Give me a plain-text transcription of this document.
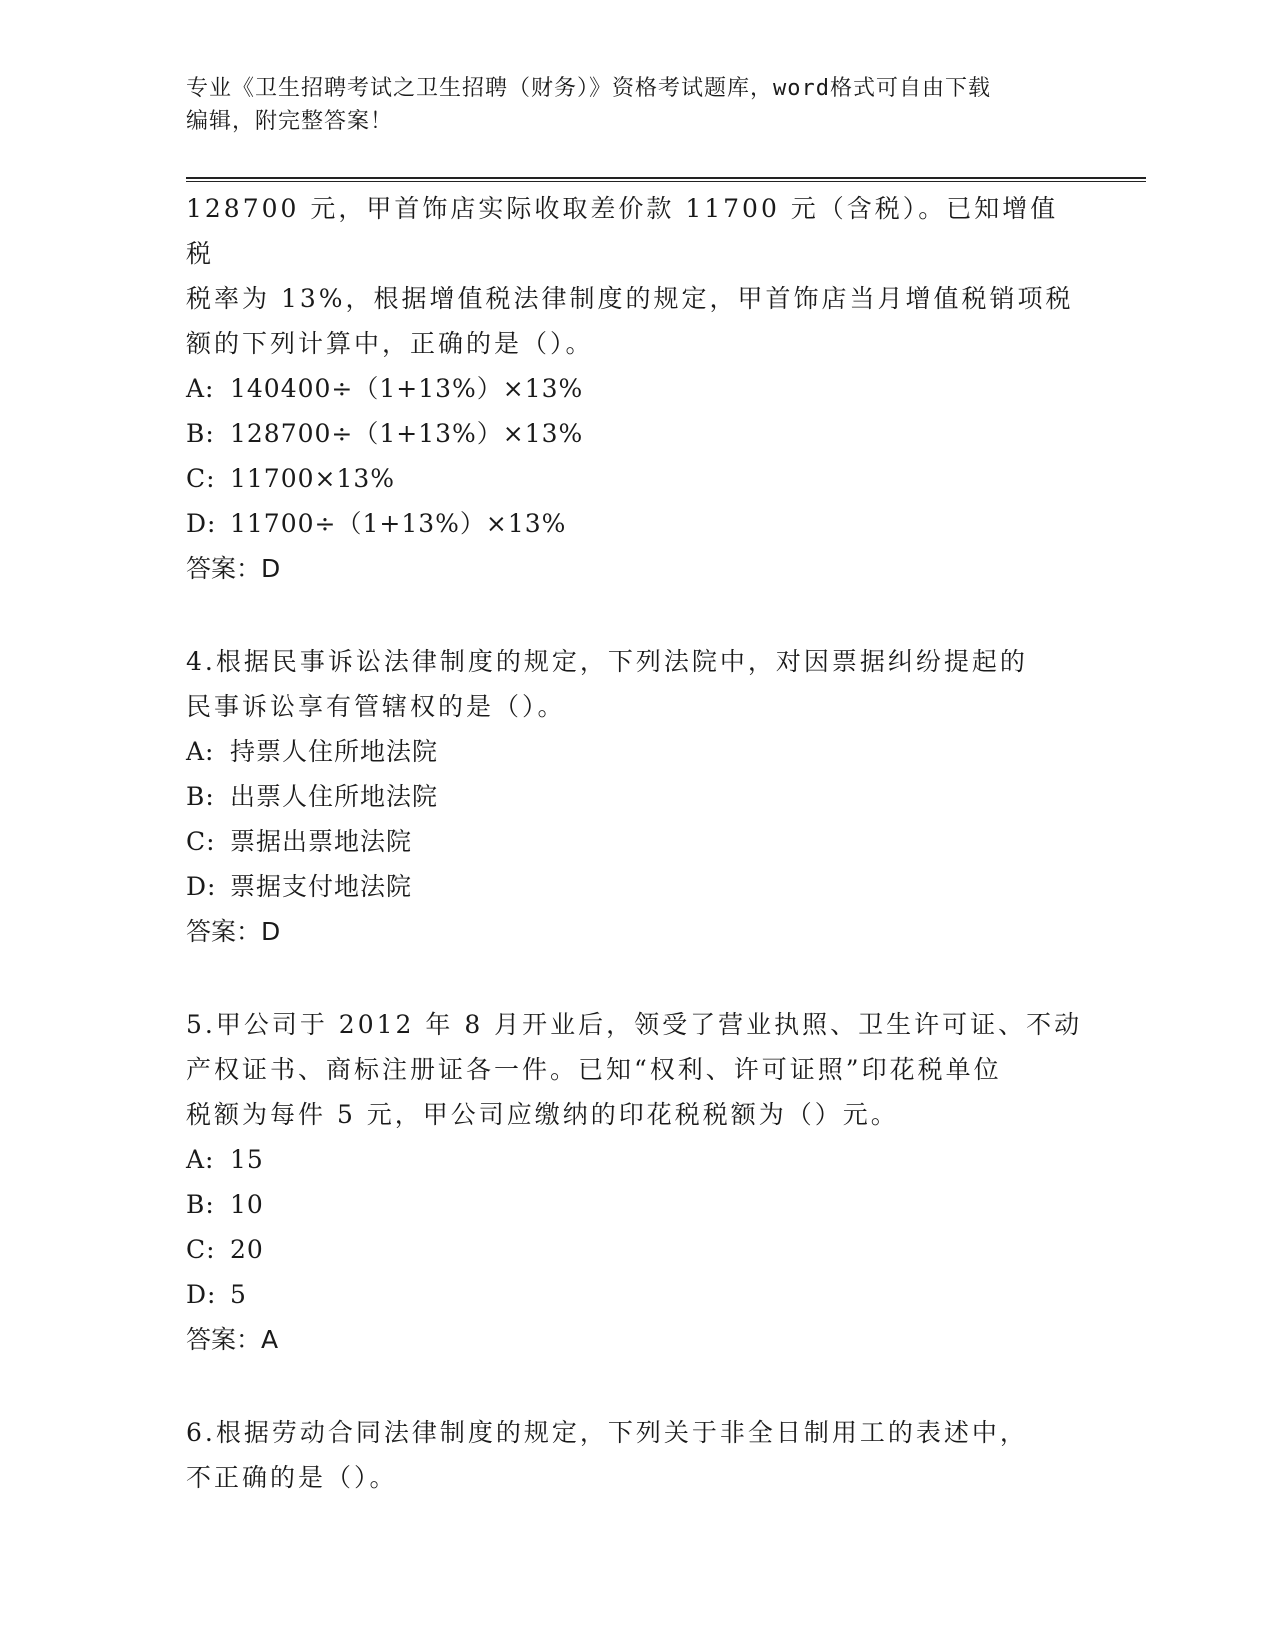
专业《卫生招聘考试之卫生招聘（财务）》资格考试题库，word格式可自由下载
编辑，附完整答案！

128700 元，甲首饰店实际收取差价款 11700 元（含税）。已知增值税

税率为 13%，根据增值税法律制度的规定，甲首饰店当月增值税销项税

额的下列计算中，正确的是（）。

A: 140400÷（1+13%）×13%

B: 128700÷（1+13%）×13%

C: 11700×13%

D: 11700÷（1+13%）×13%

答案：D

4.根据民事诉讼法律制度的规定，下列法院中，对因票据纠纷提起的

民事诉讼享有管辖权的是（）。

A: 持票人住所地法院

B: 出票人住所地法院

C: 票据出票地法院

D: 票据支付地法院

答案：D

5.甲公司于 2012 年 8 月开业后，领受了营业执照、卫生许可证、不动

产权证书、商标注册证各一件。已知“权利、许可证照”印花税单位

税额为每件 5 元，甲公司应缴纳的印花税税额为（）元。

A: 15

B: 10

C: 20

D: 5

答案：A

6.根据劳动合同法律制度的规定，下列关于非全日制用工的表述中，

不正确的是（）。
